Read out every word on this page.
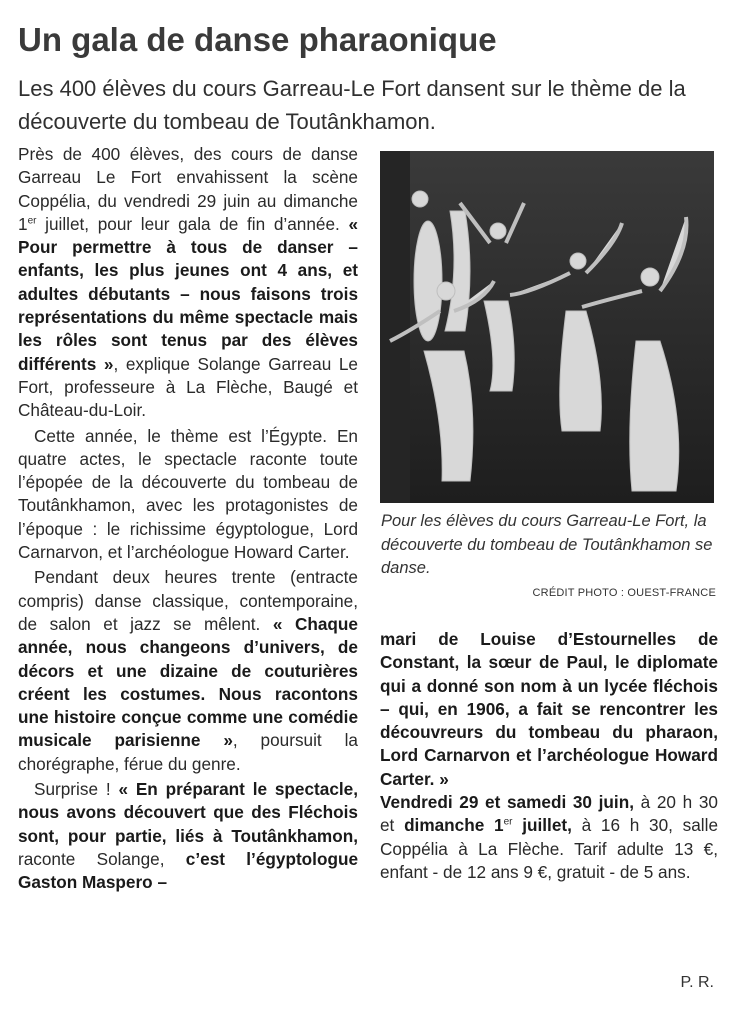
Un gala de danse pharaonique
Les 400 élèves du cours Garreau-Le Fort dansent sur le thème de la découverte du tombeau de Toutânkhamon.

Près de 400 élèves, des cours de danse Garreau Le Fort envahissent la scène Coppélia, du vendredi 29 juin au dimanche 1er juillet, pour leur gala de fin d’année. « Pour permettre à tous de danser – enfants, les plus jeunes ont 4 ans, et adultes débutants – nous faisons trois représentations du même spectacle mais les rôles sont tenus par des élèves différents », explique Solange Garreau Le Fort, professeure à La Flèche, Baugé et Château-du-Loir.

Cette année, le thème est l’Égypte. En quatre actes, le spectacle raconte toute l’épopée de la découverte du tombeau de Toutânkhamon, avec les protagonistes de l’époque : le richissime égyptologue, Lord Carnarvon, et l’archéologue Howard Carter.

Pendant deux heures trente (entracte compris) danse classique, contemporaine, de salon et jazz se mêlent. « Chaque année, nous changeons d’univers, de décors et une dizaine de couturières créent les costumes. Nous racontons une histoire conçue comme une comédie musicale parisienne », poursuit la chorégraphe, férue du genre.

Surprise ! « En préparant le spectacle, nous avons découvert que des Fléchois sont, pour partie, liés à Toutânkhamon, raconte Solange, c’est l’égyptologue Gaston Maspero –

Pour les élèves du cours Garreau-Le Fort, la découverte du tombeau de Toutânkhamon se danse.
CRÉDIT PHOTO : OUEST-FRANCE

mari de Louise d’Estournelles de Constant, la sœur de Paul, le diplomate qui a donné son nom à un lycée fléchois – qui, en 1906, a fait se rencontrer les découvreurs du tombeau du pharaon, Lord Carnarvon et l’archéologue Howard Carter. »

Vendredi 29 et samedi 30 juin, à 20 h 30 et dimanche 1er juillet, à 16 h 30, salle Coppélia à La Flèche. Tarif adulte 13 €, enfant - de 12 ans 9 €, gratuit - de 5 ans.

P. R.
